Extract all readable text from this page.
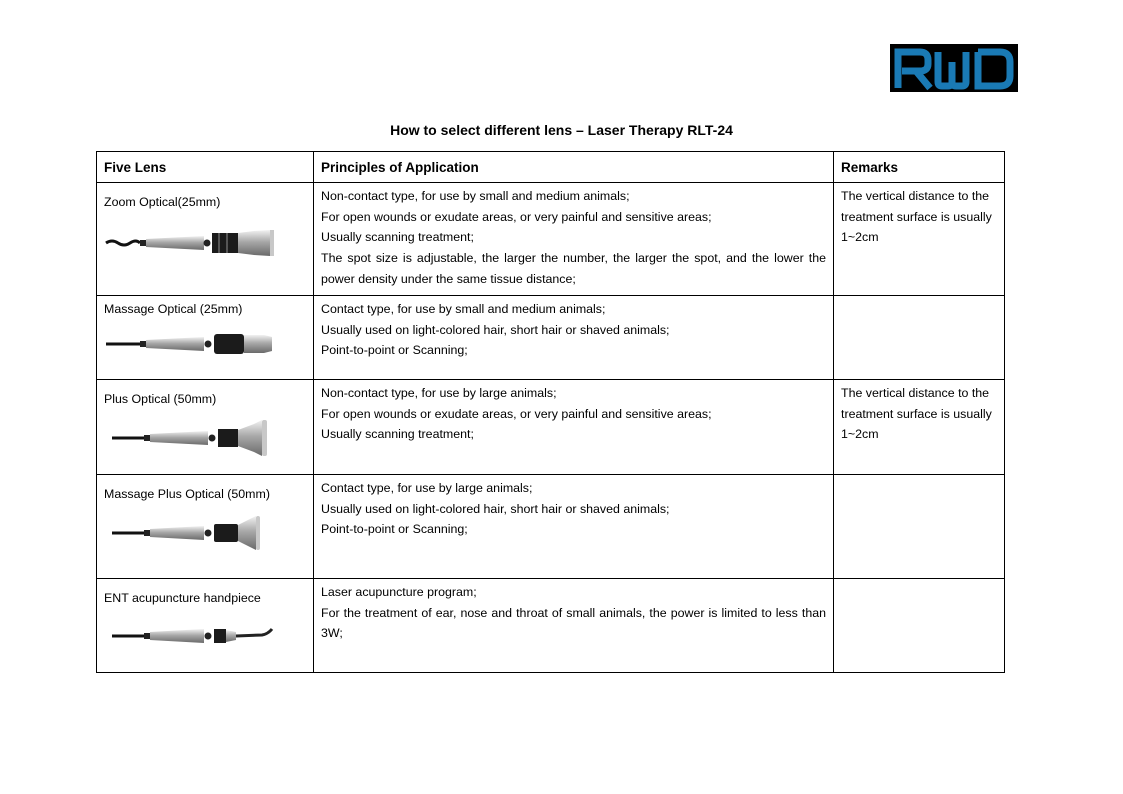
How to select different lens – Laser Therapy RLT-24
Five Lens	Principles of Application	Remarks

Zoom Optical(25mm)	Non-contact type, for use by small and medium animals;
For open wounds or exudate areas, or very painful and sensitive areas;
Usually scanning treatment;
The spot size is adjustable, the larger the number, the larger the spot, and the lower the power density under the same tissue distance;	The vertical distance to the treatment surface is usually 1~2cm

Massage Optical (25mm)	Contact type, for use by small and medium animals;
Usually used on light-colored hair, short hair or shaved animals;
Point-to-point or Scanning;	

Plus Optical (50mm)	Non-contact type, for use by large animals;
For open wounds or exudate areas, or very painful and sensitive areas;
Usually scanning treatment;	The vertical distance to the treatment surface is usually 1~2cm

Massage Plus Optical (50mm)	Contact type, for use by large animals;
Usually used on light-colored hair, short hair or shaved animals;
Point-to-point or Scanning;	

ENT acupuncture handpiece	Laser acupuncture program;
For the treatment of ear, nose and throat of small animals, the power is limited to less than 3W;	
